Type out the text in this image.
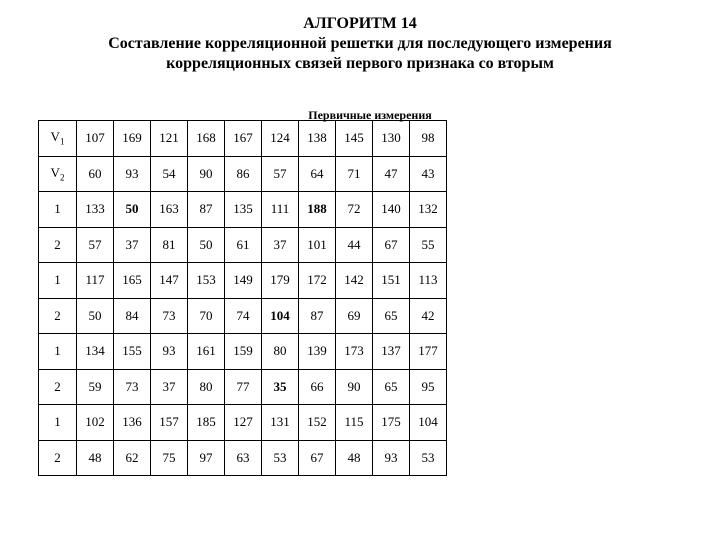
АЛГОРИТМ 14
Составление корреляционной решетки для последующего измерения
корреляционных связей первого признака со вторым
Первичные измерения
$V_1$	107	169	121	168	167	124	138	145	130	98
$V_2$	60	93	54	90	86	57	64	71	47	43
1	133	50	163	87	135	111	188	72	140	132
2	57	37	81	50	61	37	101	44	67	55
1	117	165	147	153	149	179	172	142	151	113
2	50	84	73	70	74	104	87	69	65	42
1	134	155	93	161	159	80	139	173	137	177
2	59	73	37	80	77	35	66	90	65	95
1	102	136	157	185	127	131	152	115	175	104
2	48	62	75	97	63	53	67	48	93	53
